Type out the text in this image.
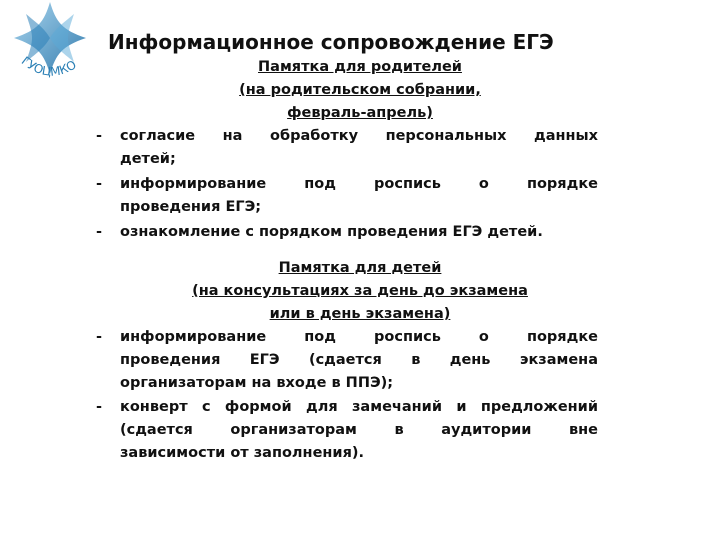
ГУОЦМКО
Информационное сопровождение ЕГЭ
Памятка для родителей
(на родительском собрании,
февраль-апрель)
- согласие на обработку персональных данных
детей;
- информирование под роспись о порядке
проведения ЕГЭ;
- ознакомление с порядком проведения ЕГЭ детей.
Памятка для детей
(на консультациях за день до экзамена
или в день экзамена)
- информирование под роспись о порядке
проведения ЕГЭ (сдается в день экзамена
организаторам на входе в ППЭ);
- конверт с формой для замечаний и предложений
(сдается организаторам в аудитории вне
зависимости от заполнения).
